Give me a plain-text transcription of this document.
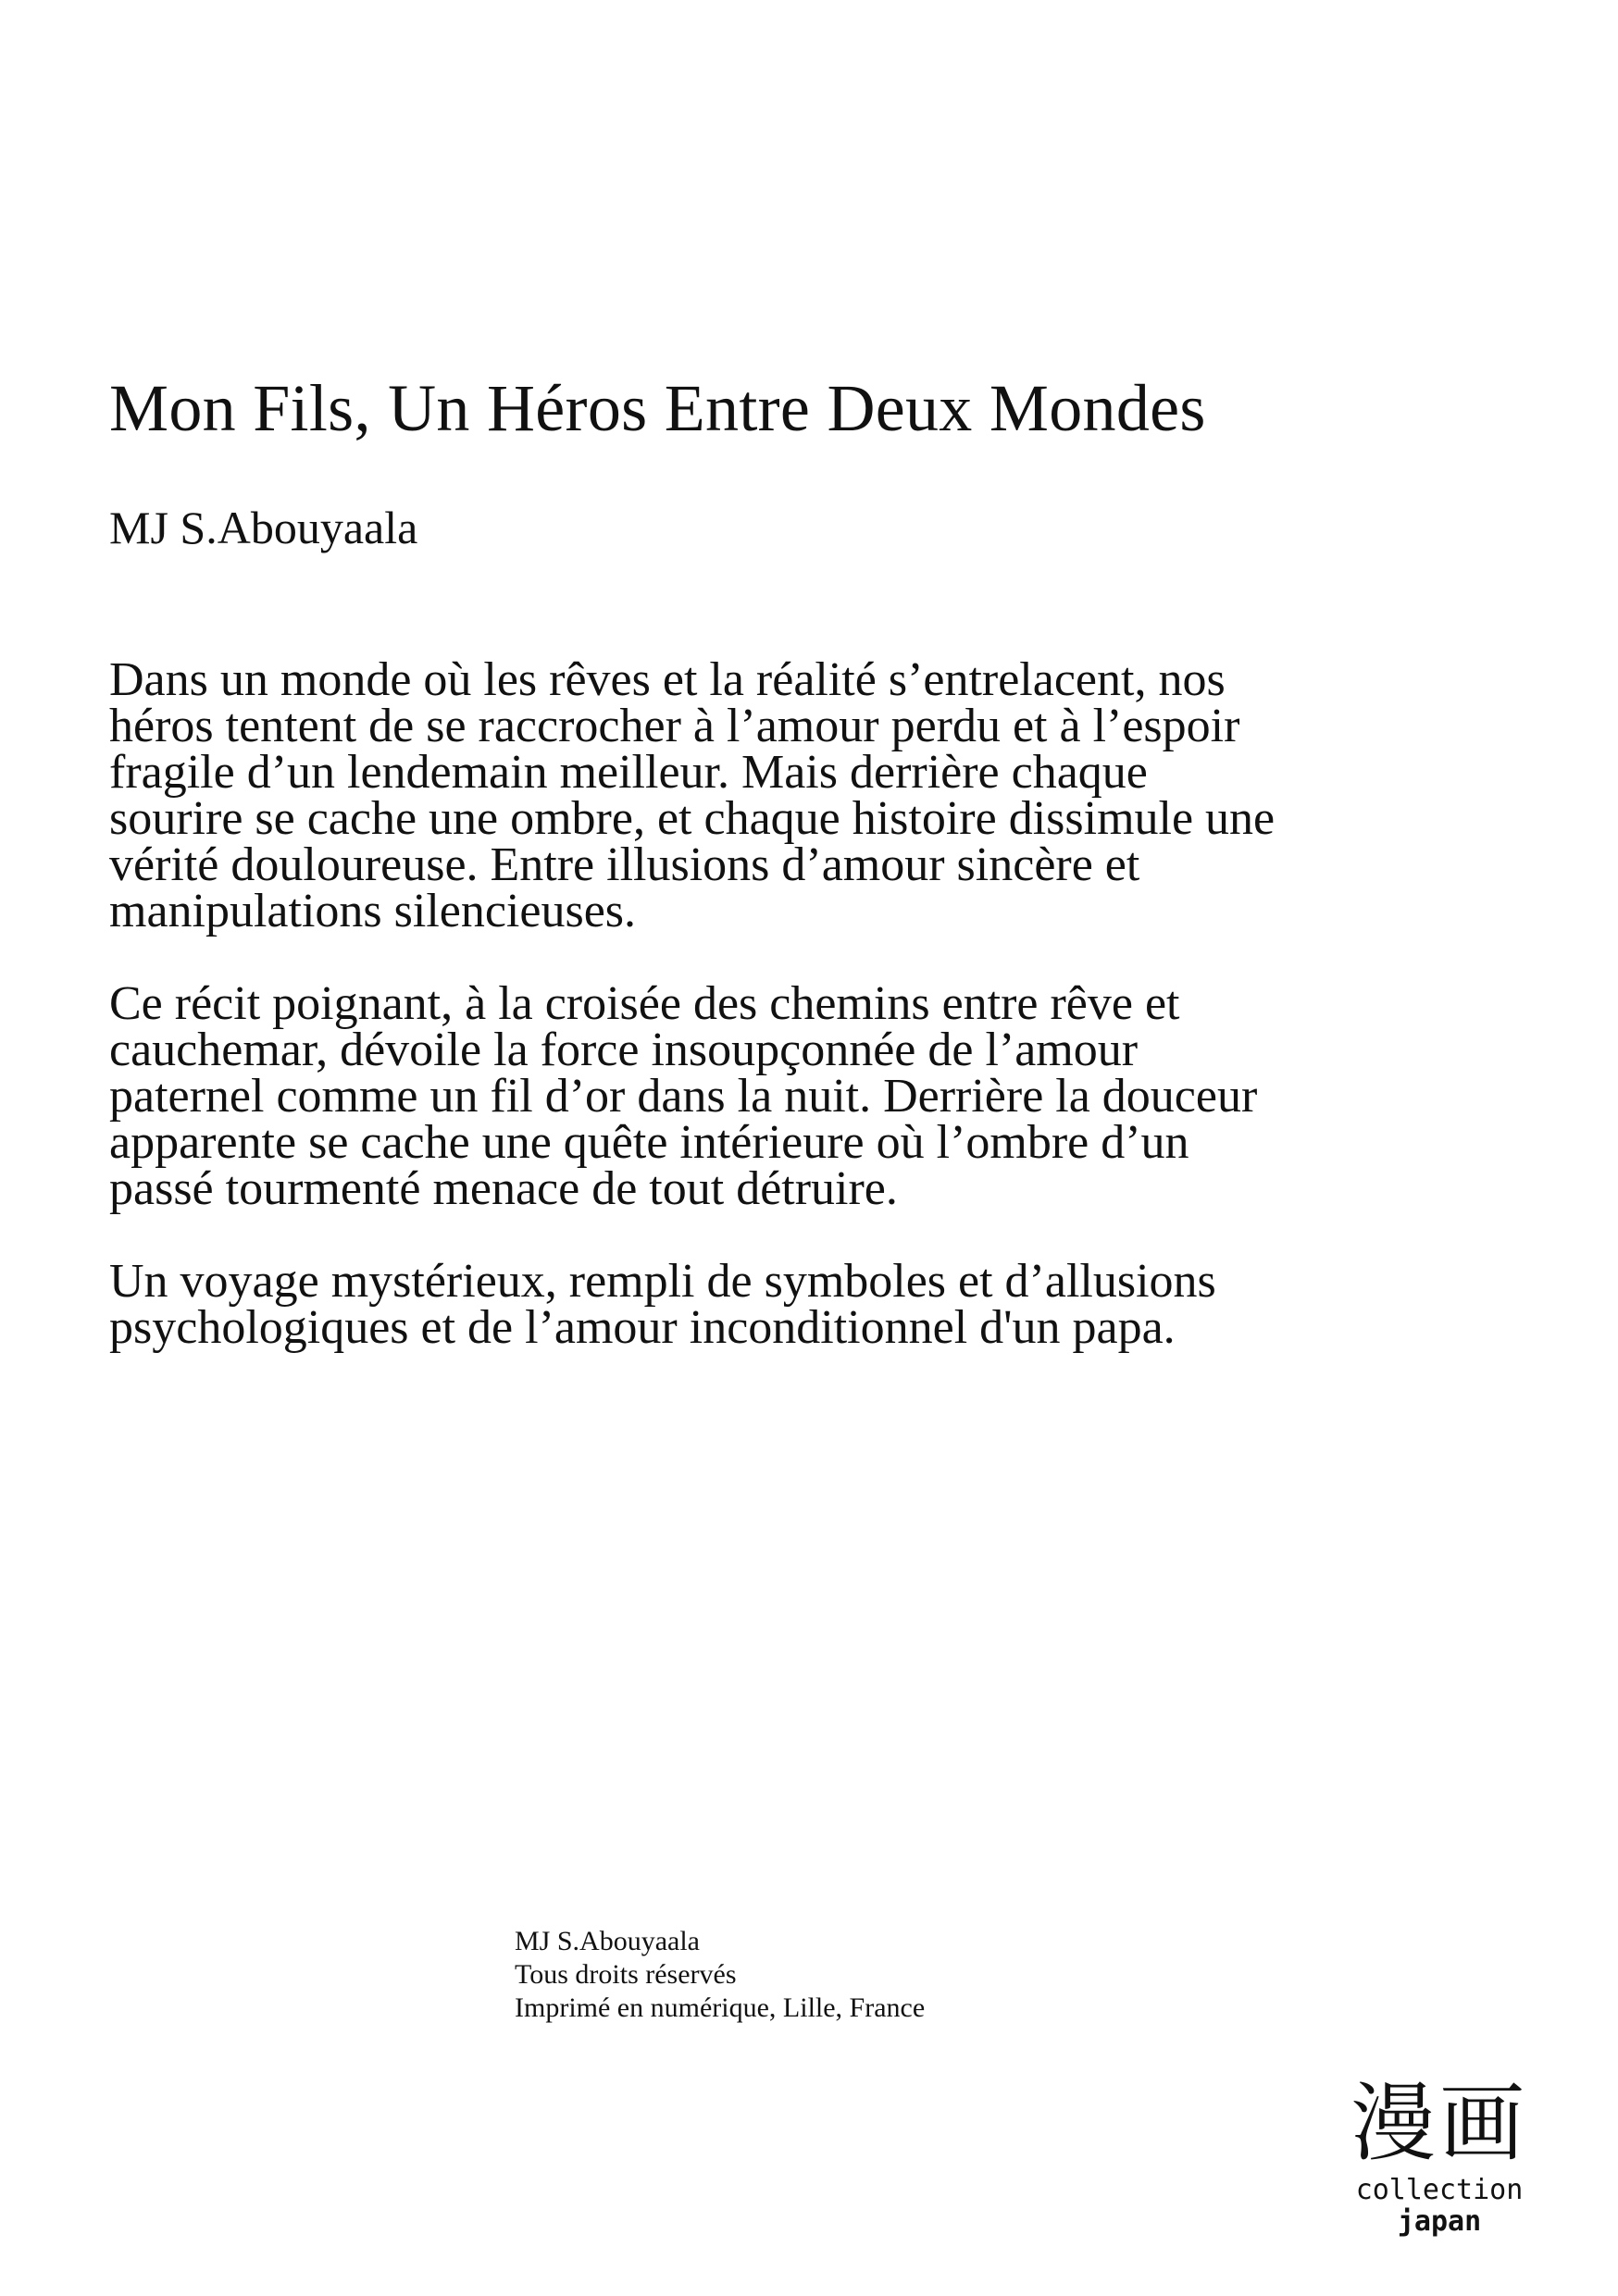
Mon Fils, Un Héros Entre Deux Mondes
MJ S.Abouyaala

Dans un monde où les rêves et la réalité s’entrelacent, nos héros tentent de se raccrocher à l’amour perdu et à l’espoir fragile d’un lendemain meilleur. Mais derrière chaque sourire se cache une ombre, et chaque histoire dissimule une vérité douloureuse. Entre illusions d’amour sincère et manipulations silencieuses.

Ce récit poignant, à la croisée des chemins entre rêve et cauchemar, dévoile la force insoupçonnée de l’amour paternel comme un fil d’or dans la nuit. Derrière la douceur apparente se cache une quête intérieure où l’ombre d’un passé tourmenté menace de tout détruire.

Un voyage mystérieux, rempli de symboles et d’allusions psychologiques et de l’amour inconditionnel d'un papa.

MJ S.Abouyaala
Tous droits réservés
Imprimé en numérique, Lille, France
漫画
collection
japan
